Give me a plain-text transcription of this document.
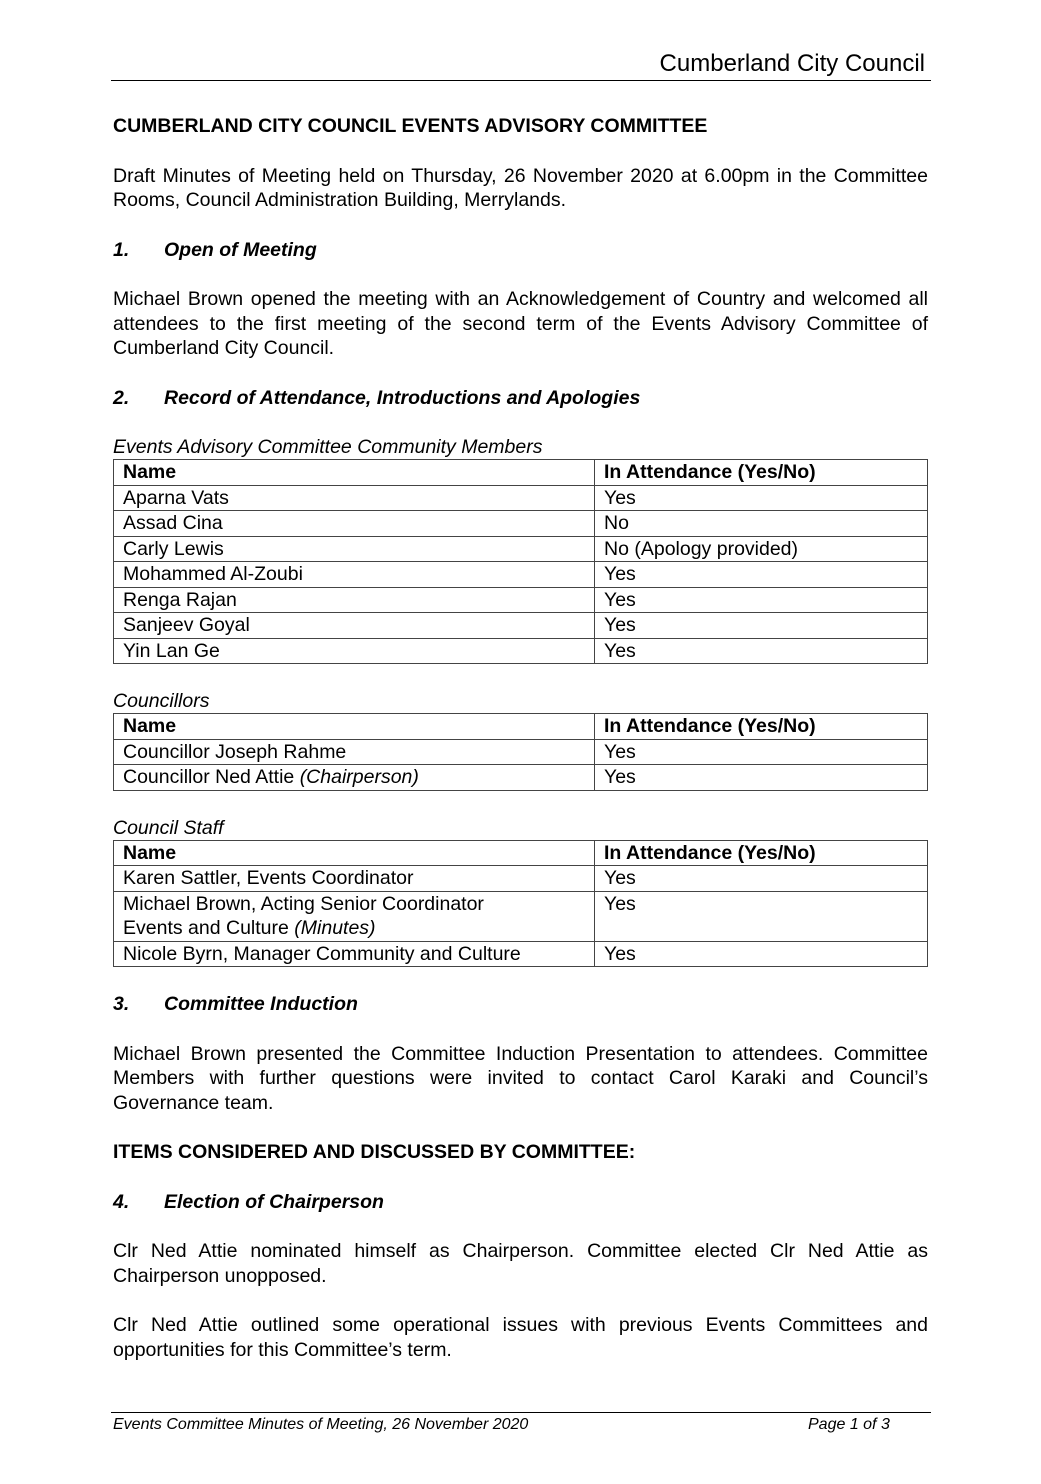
Cumberland City Council
CUMBERLAND CITY COUNCIL EVENTS ADVISORY COMMITTEE

Draft Minutes of Meeting held on Thursday, 26 November 2020 at 6.00pm in the Committee Rooms, Council Administration Building, Merrylands.

1.	Open of Meeting

Michael Brown opened the meeting with an Acknowledgement of Country and welcomed all attendees to the first meeting of the second term of the Events Advisory Committee of Cumberland City Council.

2.	Record of Attendance, Introductions and Apologies
Events Advisory Committee Community Members
Name	In Attendance (Yes/No)
Aparna Vats	Yes
Assad Cina	No
Carly Lewis	No (Apology provided)
Mohammed Al-Zoubi	Yes
Renga Rajan	Yes
Sanjeev Goyal	Yes
Yin Lan Ge	Yes
Councillors
Name	In Attendance (Yes/No)
Councillor Joseph Rahme	Yes
Councillor Ned Attie (Chairperson)	Yes
Council Staff
Name	In Attendance (Yes/No)
Karen Sattler, Events Coordinator	Yes
Michael Brown, Acting Senior Coordinator
Events and Culture (Minutes)	Yes
Nicole Byrn, Manager Community and Culture	Yes
3.	Committee Induction

Michael Brown presented the Committee Induction Presentation to attendees. Committee Members with further questions were invited to contact Carol Karaki and Council’s Governance team.

ITEMS CONSIDERED AND DISCUSSED BY COMMITTEE:
4.	Election of Chairperson

Clr Ned Attie nominated himself as Chairperson. Committee elected Clr Ned Attie as Chairperson unopposed.

Clr Ned Attie outlined some operational issues with previous Events Committees and opportunities for this Committee’s term.

Events Committee Minutes of Meeting, 26 November 2020	Page 1 of 3
